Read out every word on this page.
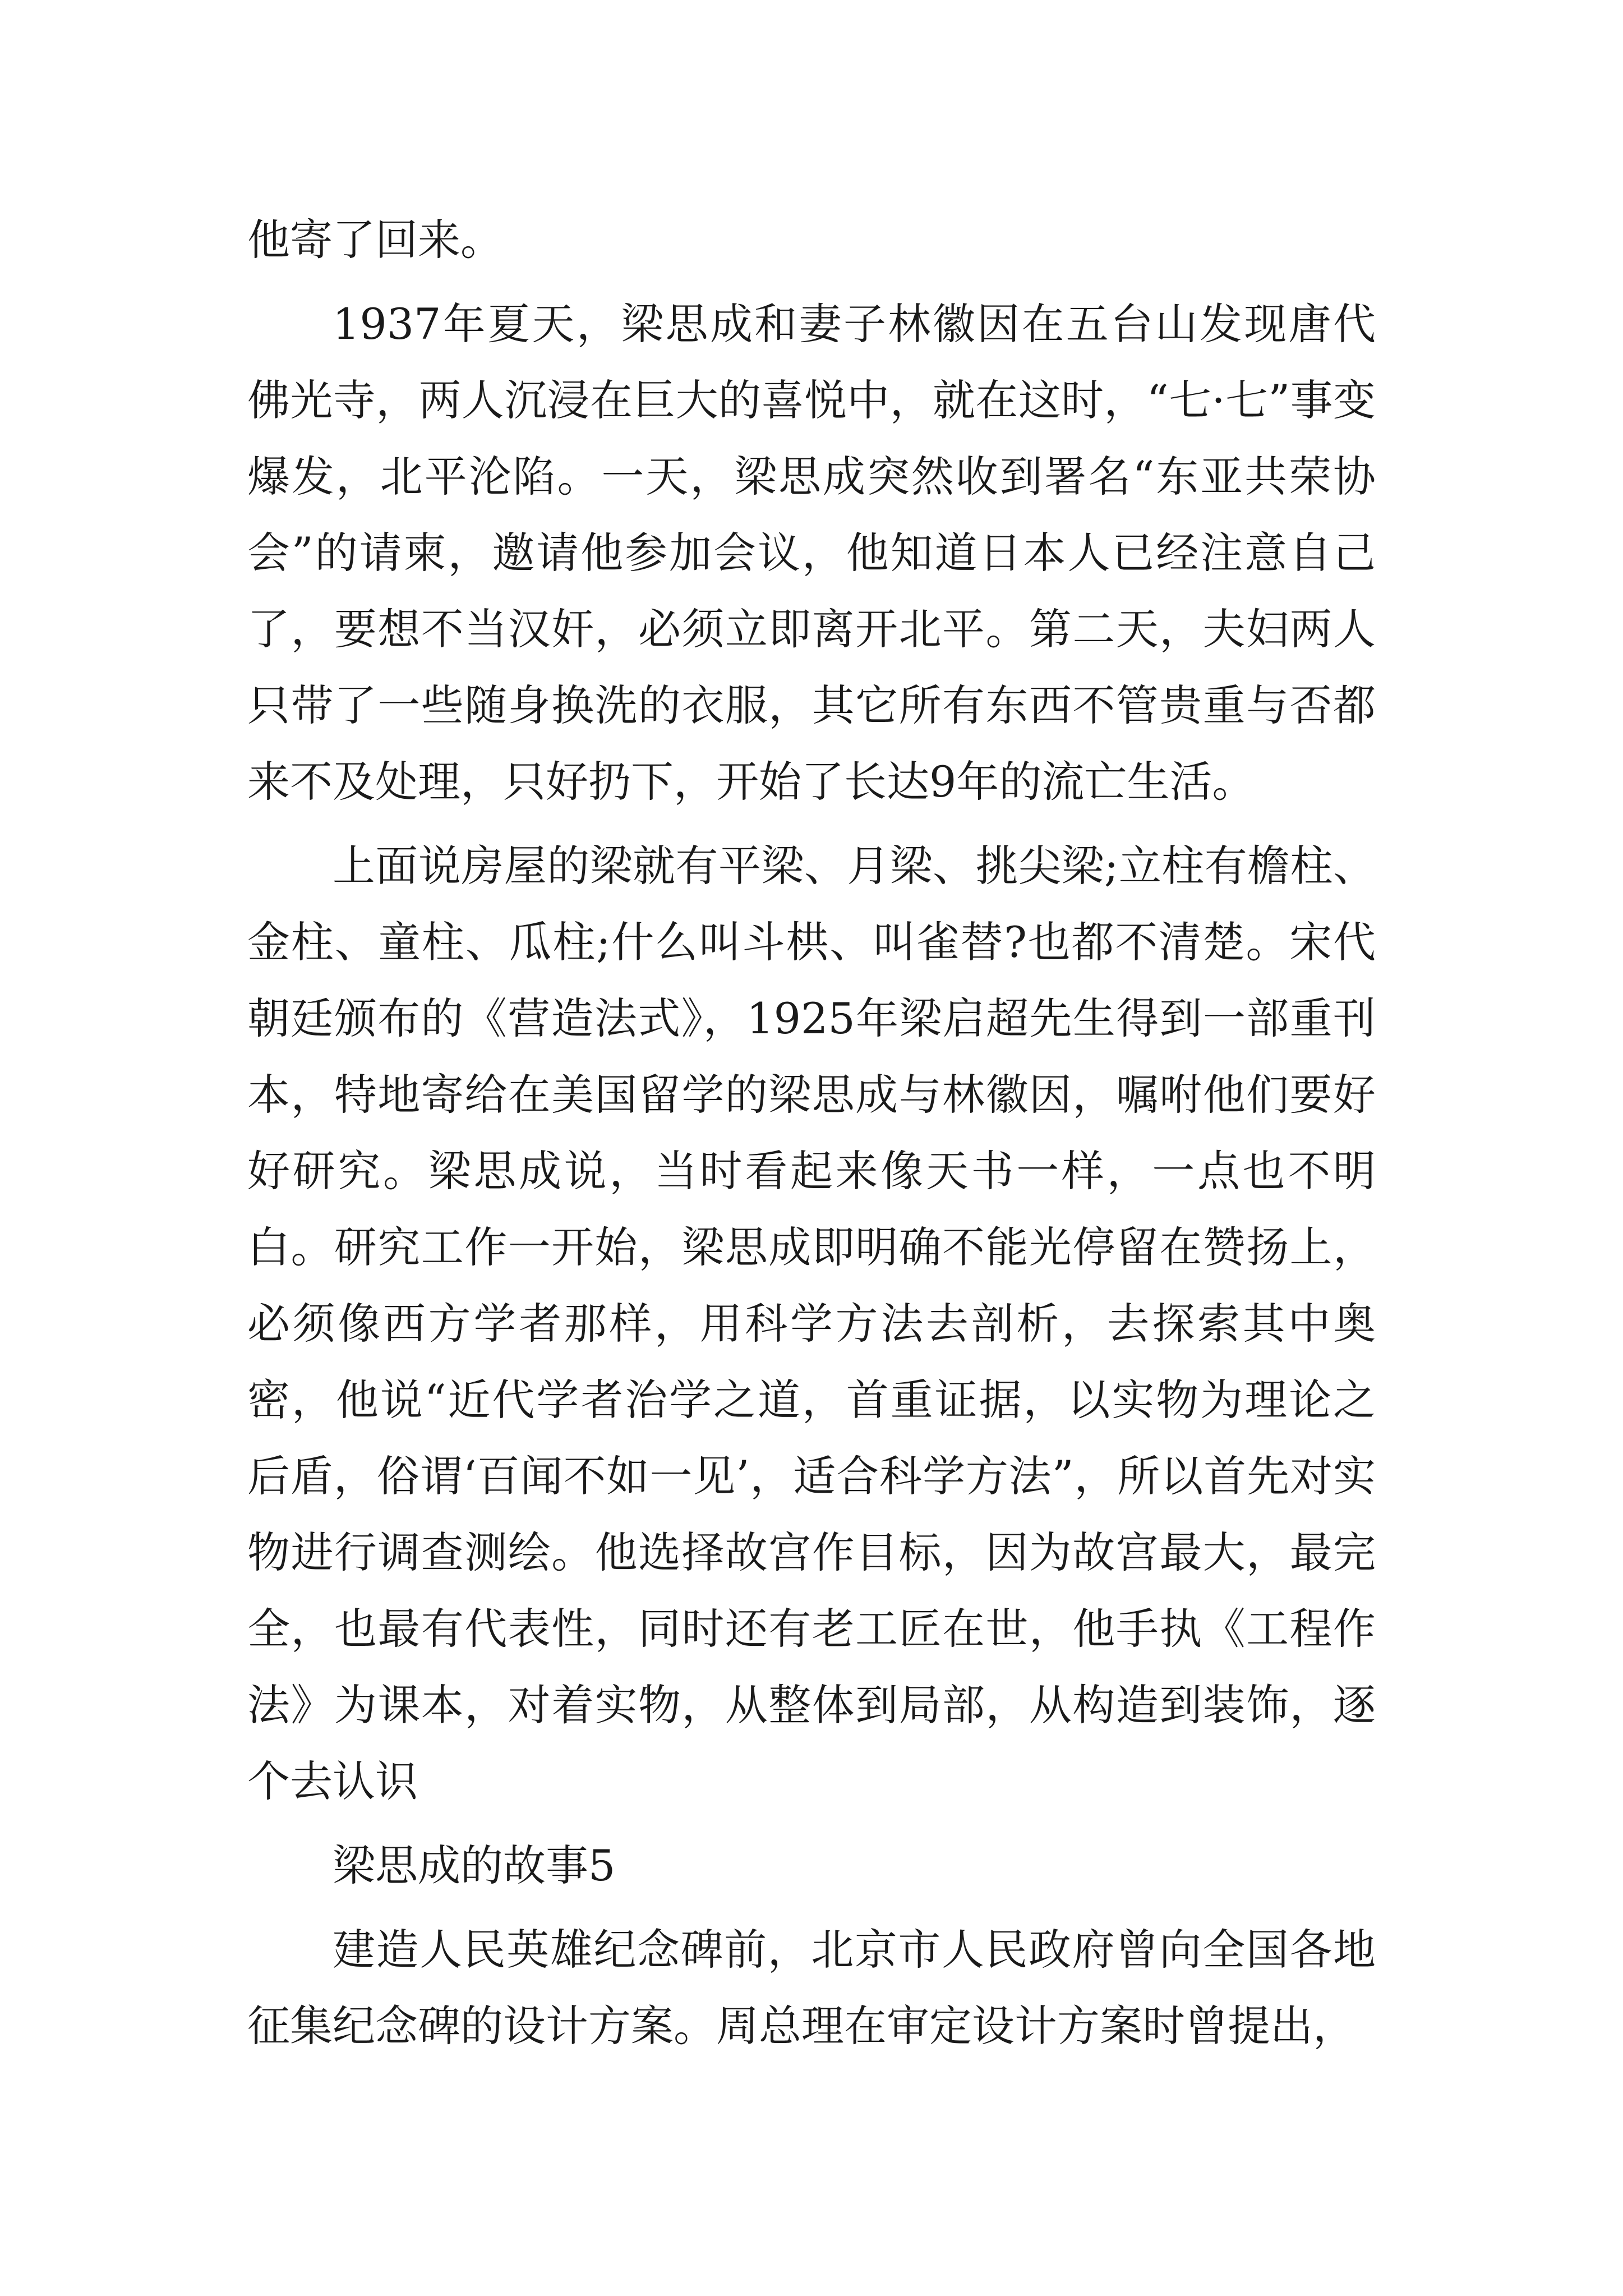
他寄了回来。

1937年夏天，梁思成和妻子林徽因在五台山发现唐代佛光寺，两人沉浸在巨大的喜悦中，就在这时，“七·七”事变爆发，北平沦陷。一天，梁思成突然收到署名“东亚共荣协会”的请柬，邀请他参加会议，他知道日本人已经注意自己了，要想不当汉奸，必须立即离开北平。第二天，夫妇两人只带了一些随身换洗的衣服，其它所有东西不管贵重与否都来不及处理，只好扔下，开始了长达9年的流亡生活。

上面说房屋的梁就有平梁、月梁、挑尖梁;立柱有檐柱、金柱、童柱、瓜柱;什么叫斗栱、叫雀替?也都不清楚。宋代朝廷颁布的《营造法式》，1925年梁启超先生得到一部重刊本，特地寄给在美国留学的梁思成与林徽因，嘱咐他们要好好研究。梁思成说，当时看起来像天书一样，一点也不明白。研究工作一开始，梁思成即明确不能光停留在赞扬上，必须像西方学者那样，用科学方法去剖析，去探索其中奥密，他说“近代学者治学之道，首重证据，以实物为理论之后盾，俗谓‘百闻不如一见’，适合科学方法”，所以首先对实物进行调查测绘。他选择故宫作目标，因为故宫最大，最完全，也最有代表性，同时还有老工匠在世，他手执《工程作法》为课本，对着实物，从整体到局部，从构造到装饰，逐个去认识

梁思成的故事5

建造人民英雄纪念碑前，北京市人民政府曾向全国各地征集纪念碑的设计方案。周总理在审定设计方案时曾提出，
